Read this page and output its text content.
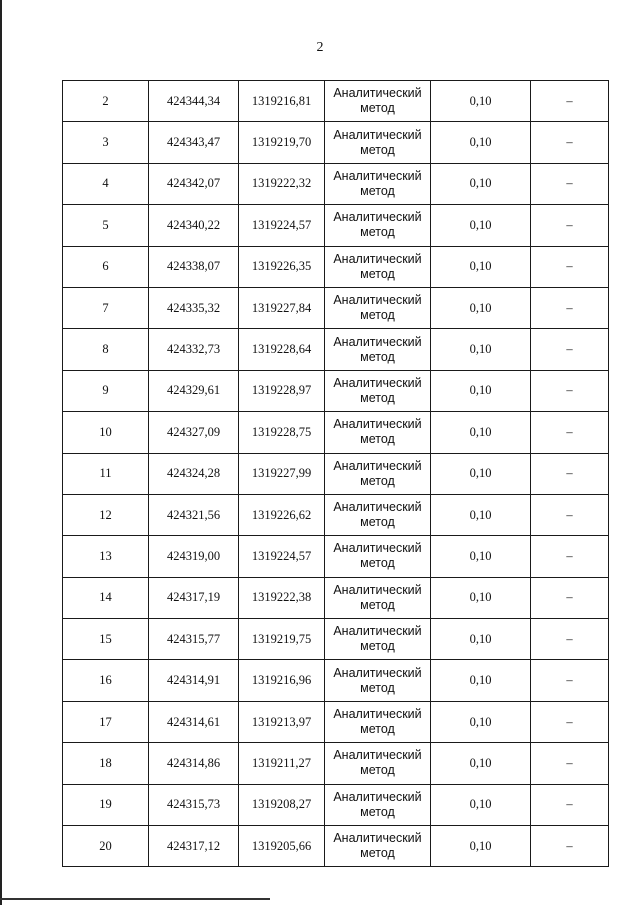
2
2	424344,34	1319216,81	Аналитический
метод	0,10	–
3	424343,47	1319219,70	Аналитический
метод	0,10	–
4	424342,07	1319222,32	Аналитический
метод	0,10	–
5	424340,22	1319224,57	Аналитический
метод	0,10	–
6	424338,07	1319226,35	Аналитический
метод	0,10	–
7	424335,32	1319227,84	Аналитический
метод	0,10	–
8	424332,73	1319228,64	Аналитический
метод	0,10	–
9	424329,61	1319228,97	Аналитический
метод	0,10	–
10	424327,09	1319228,75	Аналитический
метод	0,10	–
11	424324,28	1319227,99	Аналитический
метод	0,10	–
12	424321,56	1319226,62	Аналитический
метод	0,10	–
13	424319,00	1319224,57	Аналитический
метод	0,10	–
14	424317,19	1319222,38	Аналитический
метод	0,10	–
15	424315,77	1319219,75	Аналитический
метод	0,10	–
16	424314,91	1319216,96	Аналитический
метод	0,10	–
17	424314,61	1319213,97	Аналитический
метод	0,10	–
18	424314,86	1319211,27	Аналитический
метод	0,10	–
19	424315,73	1319208,27	Аналитический
метод	0,10	–
20	424317,12	1319205,66	Аналитический
метод	0,10	–
